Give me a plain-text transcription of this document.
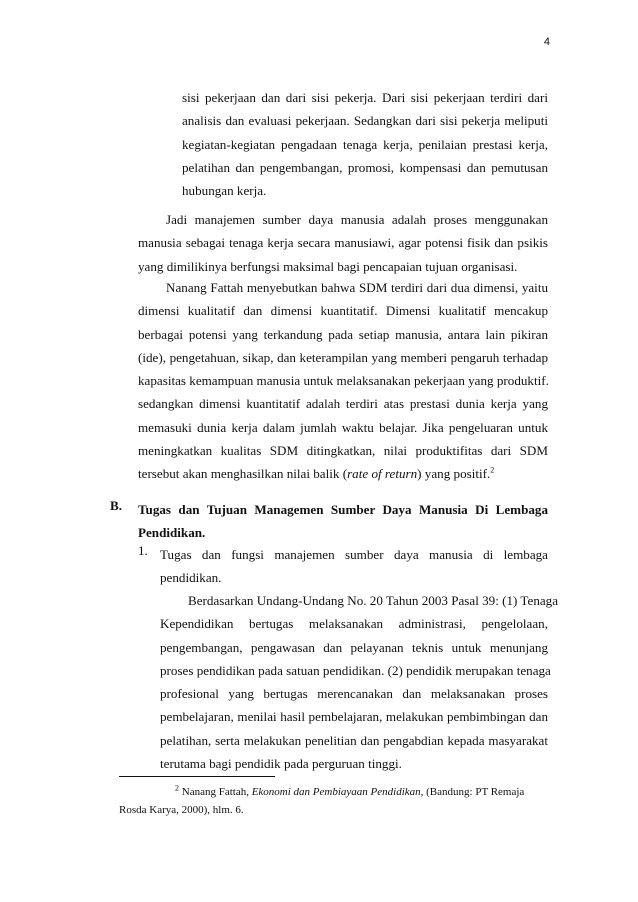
4
sisi pekerjaan dan dari sisi pekerja. Dari sisi pekerjaan terdiri dari
analisis dan evaluasi pekerjaan. Sedangkan dari sisi pekerja meliputi
kegiatan-kegiatan pengadaan tenaga kerja, penilaian prestasi kerja,
pelatihan dan pengembangan, promosi, kompensasi dan pemutusan
hubungan kerja.
Jadi manajemen sumber daya manusia adalah proses menggunakan
manusia sebagai tenaga kerja secara manusiawi, agar potensi fisik dan psikis
yang dimilikinya berfungsi maksimal bagi pencapaian tujuan organisasi.
Nanang Fattah menyebutkan bahwa SDM terdiri dari dua dimensi, yaitu
dimensi kualitatif dan dimensi kuantitatif. Dimensi kualitatif mencakup
berbagai potensi yang terkandung pada setiap manusia, antara lain pikiran
(ide), pengetahuan, sikap, dan keterampilan yang memberi pengaruh terhadap
kapasitas kemampuan manusia untuk melaksanakan pekerjaan yang produktif.
sedangkan dimensi kuantitatif adalah terdiri atas prestasi dunia kerja yang
memasuki dunia kerja dalam jumlah waktu belajar. Jika pengeluaran untuk
meningkatkan kualitas SDM ditingkatkan, nilai produktifitas dari SDM
tersebut akan menghasilkan nilai balik (rate of return) yang positif.$^2$
B. Tugas dan Tujuan Managemen Sumber Daya Manusia Di Lembaga
Pendidikan.
1. Tugas dan fungsi manajemen sumber daya manusia di lembaga
pendidikan.
Berdasarkan Undang-Undang No. 20 Tahun 2003 Pasal 39: (1) Tenaga
Kependidikan bertugas melaksanakan administrasi, pengelolaan,
pengembangan, pengawasan dan pelayanan teknis untuk menunjang
proses pendidikan pada satuan pendidikan. (2) pendidik merupakan tenaga
profesional yang bertugas merencanakan dan melaksanakan proses
pembelajaran, menilai hasil pembelajaran, melakukan pembimbingan dan
pelatihan, serta melakukan penelitian dan pengabdian kepada masyarakat
terutama bagi pendidik pada perguruan tinggi.
$^2$ Nanang Fattah, Ekonomi dan Pembiayaan Pendidikan, (Bandung: PT Remaja
Rosda Karya, 2000), hlm. 6.
